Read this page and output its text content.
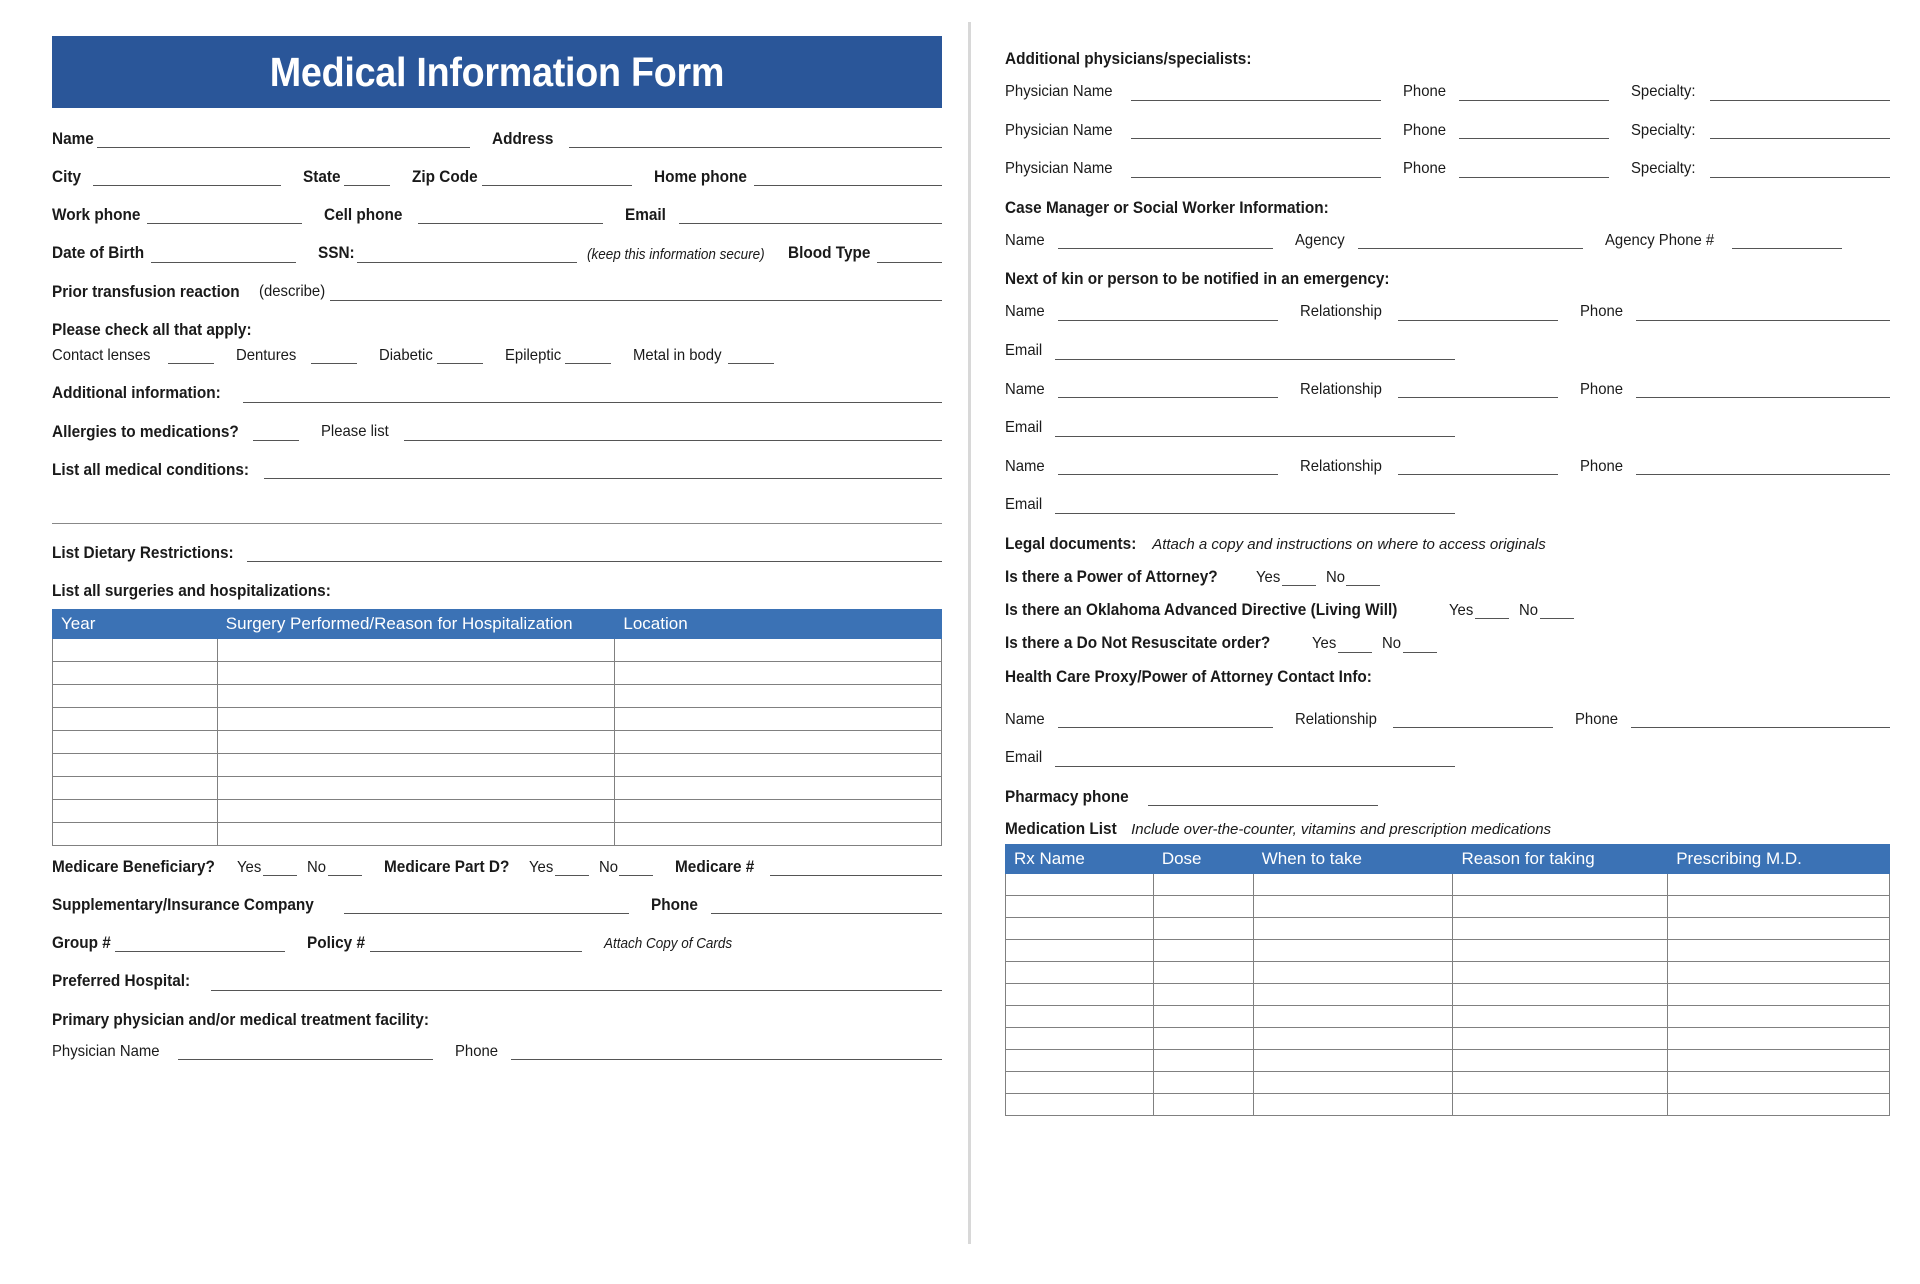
Medical Information Form
Name	Address
City	State	Zip Code	Home phone
Work phone	Cell phone	Email
Date of Birth	SSN:	(keep this information secure) Blood Type
Prior transfusion reaction (describe)
Please check all that apply:
Contact lenses	Dentures	Diabetic	Epileptic	Metal in body
Additional information:
Allergies to medications?	Please list
List all medical conditions:
List Dietary Restrictions:
List all surgeries and hospitalizations:
Year	Surgery Performed/Reason for Hospitalization	Location

Medicare Beneficiary? Yes	No	Medicare Part D? Yes	No	Medicare #
Supplementary/Insurance Company	Phone
Group #	Policy #	Attach Copy of Cards
Preferred Hospital:
Primary physician and/or medical treatment facility:
Physician Name	Phone
Additional physicians/specialists:
Physician Name	Phone	Specialty:
Physician Name	Phone	Specialty:
Physician Name	Phone	Specialty:
Case Manager or Social Worker Information:
Name	Agency	Agency Phone #
Next of kin or person to be notified in an emergency:
Name	Relationship	Phone
Email
Name	Relationship	Phone
Email
Name	Relationship	Phone
Email
Legal documents: Attach a copy and instructions on where to access originals
Is there a Power of Attorney? Yes	No
Is there an Oklahoma Advanced Directive (Living Will)	Yes	No
Is there a Do Not Resuscitate order?	Yes	No
Health Care Proxy/Power of Attorney Contact Info:
Name	Relationship	Phone
Email
Pharmacy phone
Medication List Include over-the-counter, vitamins and prescription medications
Rx Name	Dose	When to take	Reason for taking	Prescribing M.D.
